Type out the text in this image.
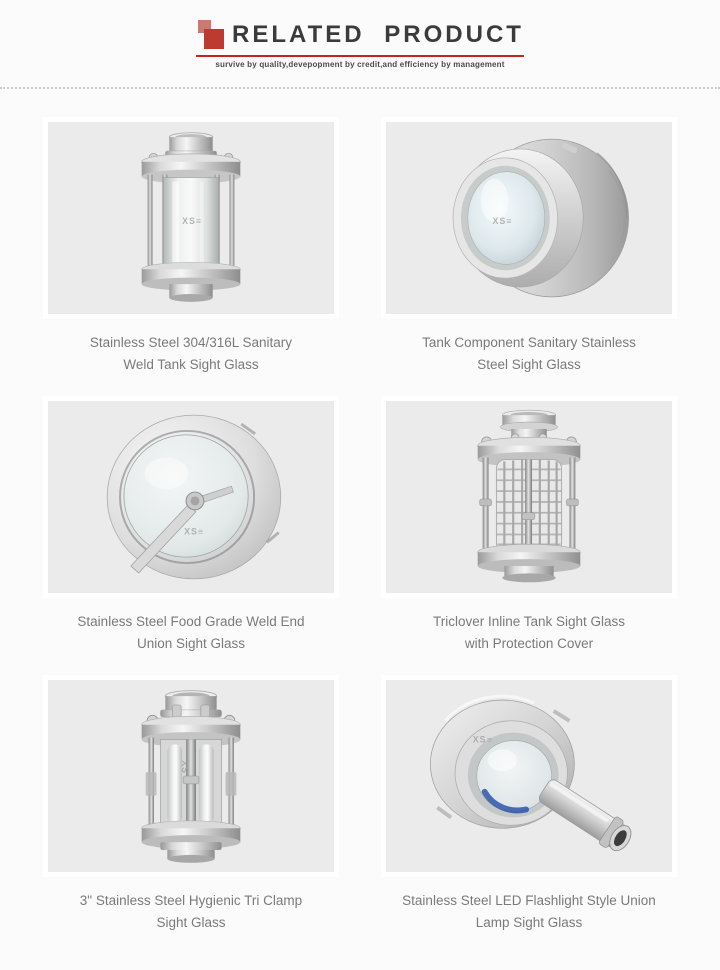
RELATED PRODUCT
survive by quality,devepopment by credit,and efficiency by management
XS≡
Stainless Steel 304/316L Sanitary
Weld Tank Sight Glass
XS≡
Tank Component Sanitary Stainless
Steel Sight Glass
XS≡
Stainless Steel Food Grade Weld End
Union Sight Glass
Triclover Inline Tank Sight Glass
with Protection Cover
XS
3" Stainless Steel Hygienic Tri Clamp
Sight Glass
XS≡
Stainless Steel LED Flashlight Style Union
Lamp Sight Glass
